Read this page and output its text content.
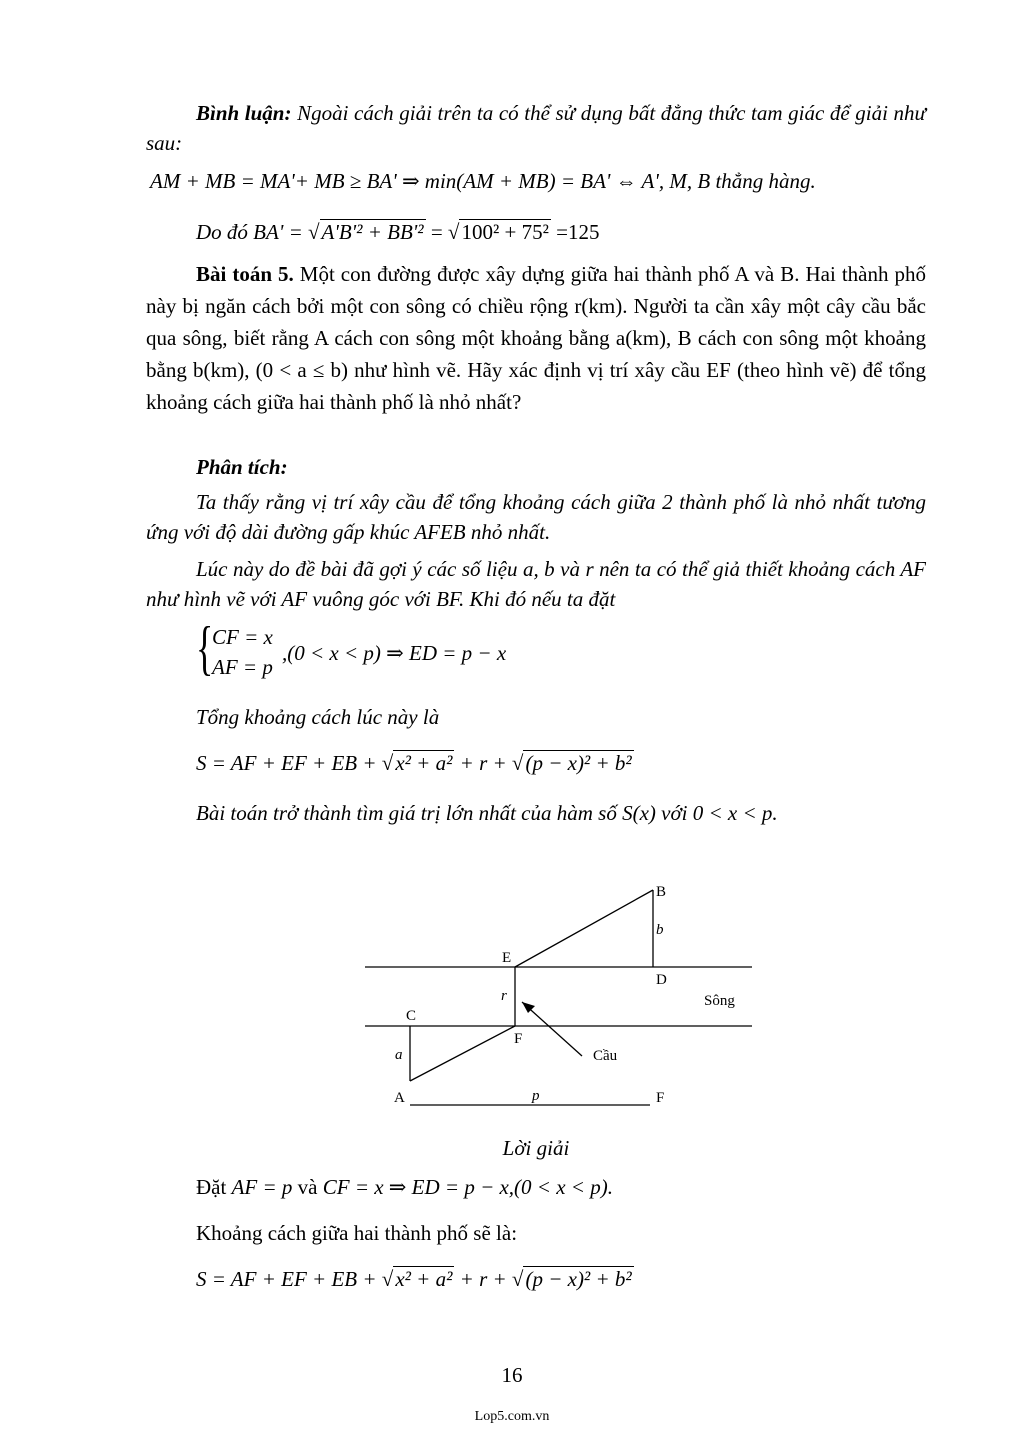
Bình luận: Ngoài cách giải trên ta có thể sử dụng bất đẳng thức tam giác để giải như sau:
AM + MB = MA'+ MB ≥ BA' ⇒ min(AM + MB) = BA' ⇔ A', M, B thẳng hàng.
Do đó BA' = √A'B'² + BB'² = √100² + 75² =125
Bài toán 5. Một con đường được xây dựng giữa hai thành phố A và B. Hai thành phố này bị ngăn cách bởi một con sông có chiều rộng r(km). Người ta cần xây một cây cầu bắc qua sông, biết rằng A cách con sông một khoảng bằng a(km), B cách con sông một khoảng bằng b(km), (0 < a ≤ b) như hình vẽ. Hãy xác định vị trí xây cầu EF (theo hình vẽ) để tổng khoảng cách giữa hai thành phố là nhỏ nhất?
Phân tích:
Ta thấy rằng vị trí xây cầu để tổng khoảng cách giữa 2 thành phố là nhỏ nhất tương ứng với độ dài đường gấp khúc AFEB nhỏ nhất.
Lúc này do đề bài đã gợi ý các số liệu a, b và r nên ta có thể giả thiết khoảng cách AF như hình vẽ với AF vuông góc với BF. Khi đó nếu ta đặt
{
CF = x
AF = p
,(0 < x < p) ⇒ ED = p − x
Tổng khoảng cách lúc này là
S = AF + EF + EB + √x² + a² + r + √(p − x)² + b²
Bài toán trở thành tìm giá trị lớn nhất của hàm số S(x) với 0 < x < p.
B
b
E
D
r	Sông
C
F
a	Cầu
A	p	F
Lời giải
Đặt AF = p và CF = x ⇒ ED = p − x,(0 < x < p).
Khoảng cách giữa hai thành phố sẽ là:
S = AF + EF + EB + √x² + a² + r + √(p − x)² + b²
16
Lop5.com.vn
